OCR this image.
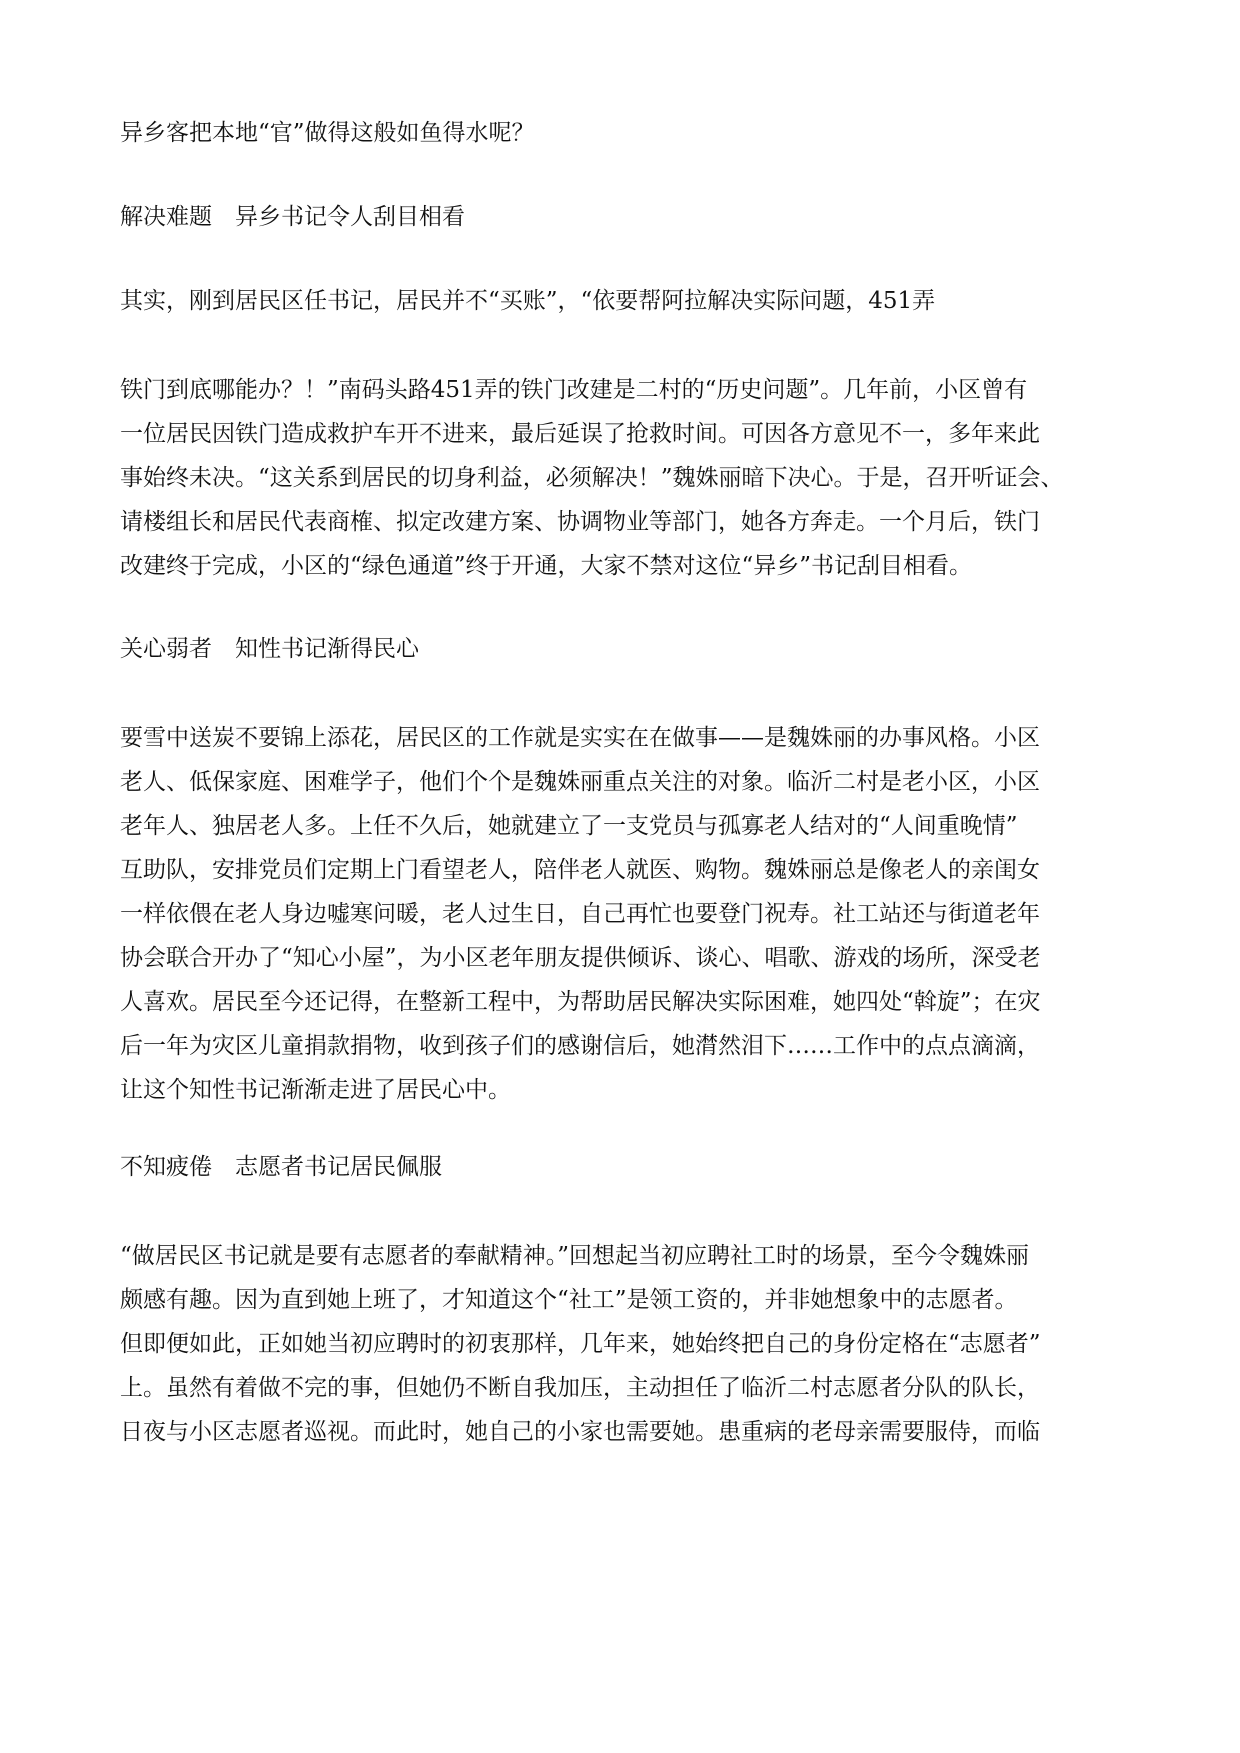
异乡客把本地“官”做得这般如鱼得水呢？
解决难题　异乡书记令人刮目相看
其实，刚到居民区任书记，居民并不“买账”，“依要帮阿拉解决实际问题，451弄
铁门到底哪能办？！”南码头路451弄的铁门改建是二村的“历史问题”。几年前，小区曾有
一位居民因铁门造成救护车开不进来，最后延误了抢救时间。可因各方意见不一，多年来此
事始终未决。“这关系到居民的切身利益，必须解决！”魏姝丽暗下决心。于是，召开听证会、
请楼组长和居民代表商榷、拟定改建方案、协调物业等部门，她各方奔走。一个月后，铁门
改建终于完成，小区的“绿色通道”终于开通，大家不禁对这位“异乡”书记刮目相看。
关心弱者　知性书记渐得民心
要雪中送炭不要锦上添花，居民区的工作就是实实在在做事——是魏姝丽的办事风格。小区
老人、低保家庭、困难学子，他们个个是魏姝丽重点关注的对象。临沂二村是老小区，小区
老年人、独居老人多。上任不久后，她就建立了一支党员与孤寡老人结对的“人间重晚情”
互助队，安排党员们定期上门看望老人，陪伴老人就医、购物。魏姝丽总是像老人的亲闺女
一样依偎在老人身边嘘寒问暖，老人过生日，自己再忙也要登门祝寿。社工站还与街道老年
协会联合开办了“知心小屋”，为小区老年朋友提供倾诉、谈心、唱歌、游戏的场所，深受老
人喜欢。居民至今还记得，在整新工程中，为帮助居民解决实际困难，她四处“斡旋”；在灾
后一年为灾区儿童捐款捐物，收到孩子们的感谢信后，她潸然泪下……工作中的点点滴滴，
让这个知性书记渐渐走进了居民心中。
不知疲倦　志愿者书记居民佩服
“做居民区书记就是要有志愿者的奉献精神。”回想起当初应聘社工时的场景，至今令魏姝丽
颇感有趣。因为直到她上班了，才知道这个“社工”是领工资的，并非她想象中的志愿者。
但即便如此，正如她当初应聘时的初衷那样，几年来，她始终把自己的身份定格在“志愿者”
上。虽然有着做不完的事，但她仍不断自我加压，主动担任了临沂二村志愿者分队的队长，
日夜与小区志愿者巡视。而此时，她自己的小家也需要她。患重病的老母亲需要服侍，而临
